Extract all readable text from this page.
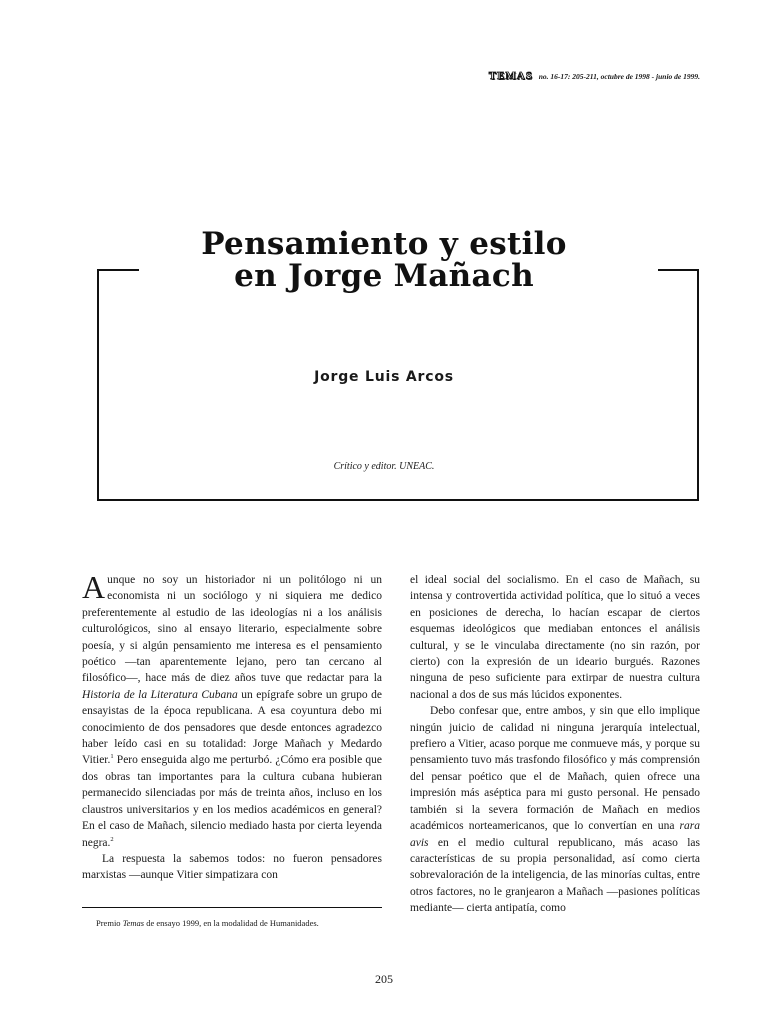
TEMAS no. 16-17: 205-211, octubre de 1998 - junio de 1999.
Pensamiento y estilo
en Jorge Mañach
Jorge Luis Arcos
Crítico y editor. UNEAC.

Aunque no soy un historiador ni un politólogo ni un economista ni un sociólogo y ni siquiera me dedico preferentemente al estudio de las ideologías ni a los análisis culturológicos, sino al ensayo literario, especialmente sobre poesía, y si algún pensamiento me interesa es el pensamiento poético —tan aparentemente lejano, pero tan cercano al filosófico—, hace más de diez años tuve que redactar para la Historia de la Literatura Cubana un epígrafe sobre un grupo de ensayistas de la época republicana. A esa coyuntura debo mi conocimiento de dos pensadores que desde entonces agradezco haber leído casi en su totalidad: Jorge Mañach y Medardo Vitier.$^1$ Pero enseguida algo me perturbó. ¿Cómo era posible que dos obras tan importantes para la cultura cubana hubieran permanecido silenciadas por más de treinta años, incluso en los claustros universitarios y en los medios académicos en general? En el caso de Mañach, silencio mediado hasta por cierta leyenda negra.$^2$

La respuesta la sabemos todos: no fueron pensadores marxistas —aunque Vitier simpatizara con

el ideal social del socialismo. En el caso de Mañach, su intensa y controvertida actividad política, que lo situó a veces en posiciones de derecha, lo hacían escapar de ciertos esquemas ideológicos que mediaban entonces el análisis cultural, y se le vinculaba directamente (no sin razón, por cierto) con la expresión de un ideario burgués. Razones ninguna de peso suficiente para extirpar de nuestra cultura nacional a dos de sus más lúcidos exponentes.

Debo confesar que, entre ambos, y sin que ello implique ningún juicio de calidad ni ninguna jerarquía intelectual, prefiero a Vitier, acaso porque me conmueve más, y porque su pensamiento tuvo más trasfondo filosófico y más comprensión del pensar poético que el de Mañach, quien ofrece una impresión más aséptica para mi gusto personal. He pensado también si la severa formación de Mañach en medios académicos norteamericanos, que lo convertían en una rara avis en el medio cultural republicano, más acaso las características de su propia personalidad, así como cierta sobrevaloración de la inteligencia, de las minorías cultas, entre otros factores, no le granjearon a Mañach —pasiones políticas mediante— cierta antipatía, como

Premio Temas de ensayo 1999, en la modalidad de Humanidades.
205
